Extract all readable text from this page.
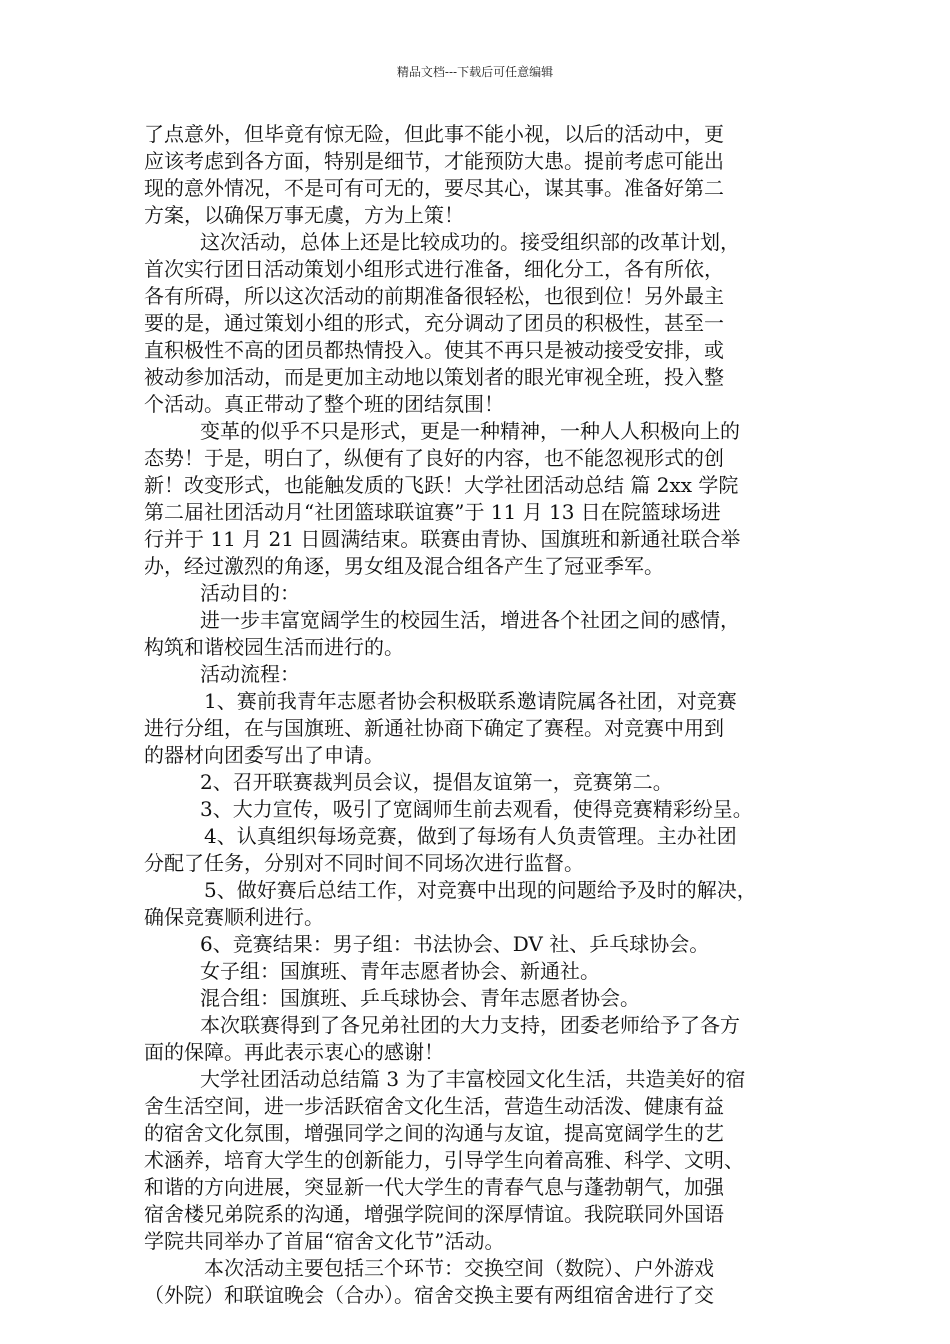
精品文档---下载后可任意编辑
了点意外，但毕竟有惊无险，但此事不能小视，以后的活动中，更
应该考虑到各方面，特别是细节，才能预防大患。提前考虑可能出
现的意外情况，不是可有可无的，要尽其心，谋其事。准备好第二
方案，以确保万事无虞，方为上策！
这次活动，总体上还是比较成功的。接受组织部的改革计划，
首次实行团日活动策划小组形式进行准备，细化分工，各有所依，
各有所碍，所以这次活动的前期准备很轻松，也很到位！另外最主
要的是，通过策划小组的形式，充分调动了团员的积极性，甚至一
直积极性不高的团员都热情投入。使其不再只是被动接受安排，或
被动参加活动，而是更加主动地以策划者的眼光审视全班，投入整
个活动。真正带动了整个班的团结氛围！
变革的似乎不只是形式，更是一种精神，一种人人积极向上的
态势！于是，明白了，纵便有了良好的内容，也不能忽视形式的创
新！改变形式，也能触发质的飞跃！大学社团活动总结 篇 2xx 学院
第二届社团活动月“社团篮球联谊赛”于 11 月 13 日在院篮球场进
行并于 11 月 21 日圆满结束。联赛由青协、国旗班和新通社联合举
办，经过激烈的角逐，男女组及混合组各产生了冠亚季军。
活动目的：
进一步丰富宽阔学生的校园生活，增进各个社团之间的感情，
构筑和谐校园生活而进行的。
活动流程：
1、赛前我青年志愿者协会积极联系邀请院属各社团，对竞赛
进行分组，在与国旗班、新通社协商下确定了赛程。对竞赛中用到
的器材向团委写出了申请。
2、召开联赛裁判员会议，提倡友谊第一，竞赛第二。
3、大力宣传，吸引了宽阔师生前去观看，使得竞赛精彩纷呈。
4、认真组织每场竞赛，做到了每场有人负责管理。主办社团
分配了任务，分别对不同时间不同场次进行监督。
5、做好赛后总结工作，对竞赛中出现的问题给予及时的解决，
确保竞赛顺利进行。
6、竞赛结果：男子组：书法协会、DV 社、乒乓球协会。
女子组：国旗班、青年志愿者协会、新通社。
混合组：国旗班、乒乓球协会、青年志愿者协会。
本次联赛得到了各兄弟社团的大力支持，团委老师给予了各方
面的保障。再此表示衷心的感谢！
大学社团活动总结篇 3 为了丰富校园文化生活，共造美好的宿
舍生活空间，进一步活跃宿舍文化生活，营造生动活泼、健康有益
的宿舍文化氛围，增强同学之间的沟通与友谊，提高宽阔学生的艺
术涵养，培育大学生的创新能力，引导学生向着高雅、科学、文明、
和谐的方向进展，突显新一代大学生的青春气息与蓬勃朝气，加强
宿舍楼兄弟院系的沟通，增强学院间的深厚情谊。我院联同外国语
学院共同举办了首届“宿舍文化节”活动。
本次活动主要包括三个环节：交换空间（数院）、户外游戏
（外院）和联谊晚会（合办）。宿舍交换主要有两组宿舍进行了交
